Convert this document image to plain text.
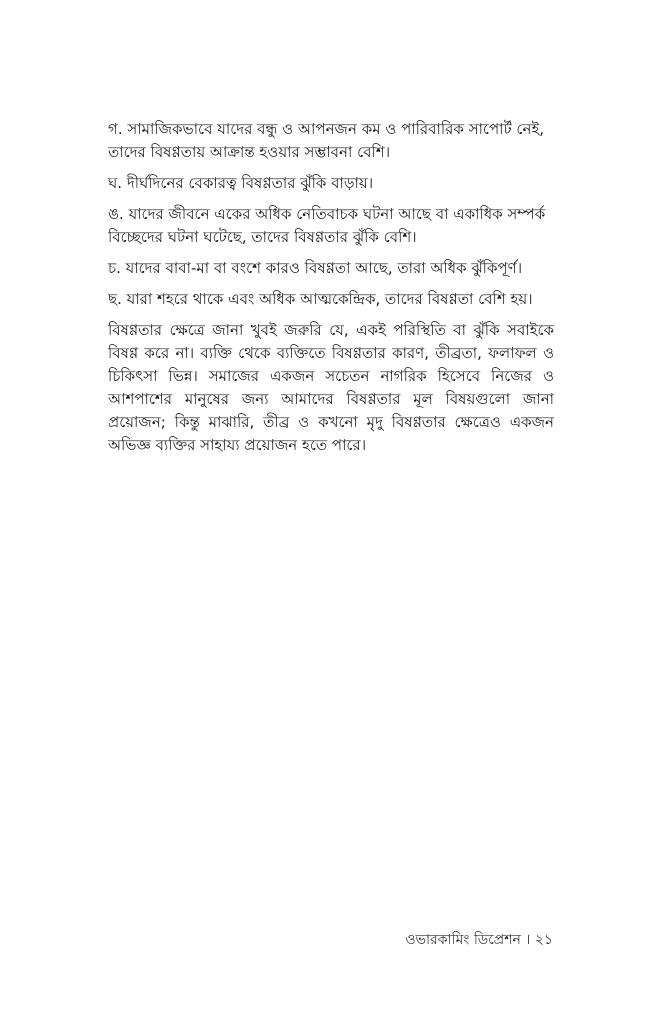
গ. সামাজিকভাবে যাদের বন্ধু ও আপনজন কম ও পারিবারিক সাপোর্ট নেই, তাদের বিষণ্ণতায় আক্রান্ত হওয়ার সম্ভাবনা বেশি।

ঘ. দীর্ঘদিনের বেকারত্ব বিষণ্ণতার ঝুঁকি বাড়ায়।

ঙ. যাদের জীবনে একের অধিক নেতিবাচক ঘটনা আছে বা একাধিক সম্পর্ক বিচ্ছেদের ঘটনা ঘটেছে, তাদের বিষণ্ণতার ঝুঁকি বেশি।

চ. যাদের বাবা-মা বা বংশে কারও বিষণ্ণতা আছে, তারা অধিক ঝুঁকিপূর্ণ।

ছ. যারা শহরে থাকে এবং অধিক আত্মকেন্দ্রিক, তাদের বিষণ্ণতা বেশি হয়।

বিষণ্ণতার ক্ষেত্রে জানা খুবই জরুরি যে, একই পরিস্থিতি বা ঝুঁকি সবাইকে বিষণ্ণ করে না। ব্যক্তি থেকে ব্যক্তিতে বিষণ্ণতার কারণ, তীব্রতা, ফলাফল ও চিকিৎসা ভিন্ন। সমাজের একজন সচেতন নাগরিক হিসেবে নিজের ও আশপাশের মানুষের জন্য আমাদের বিষণ্ণতার মূল বিষয়গুলো জানা প্রয়োজন; কিন্তু মাঝারি, তীব্র ও কখনো মৃদু বিষণ্ণতার ক্ষেত্রেও একজন অভিজ্ঞ ব্যক্তির সাহায্য প্রয়োজন হতে পারে।

ওভারকামিং ডিপ্রেশন । ২১
